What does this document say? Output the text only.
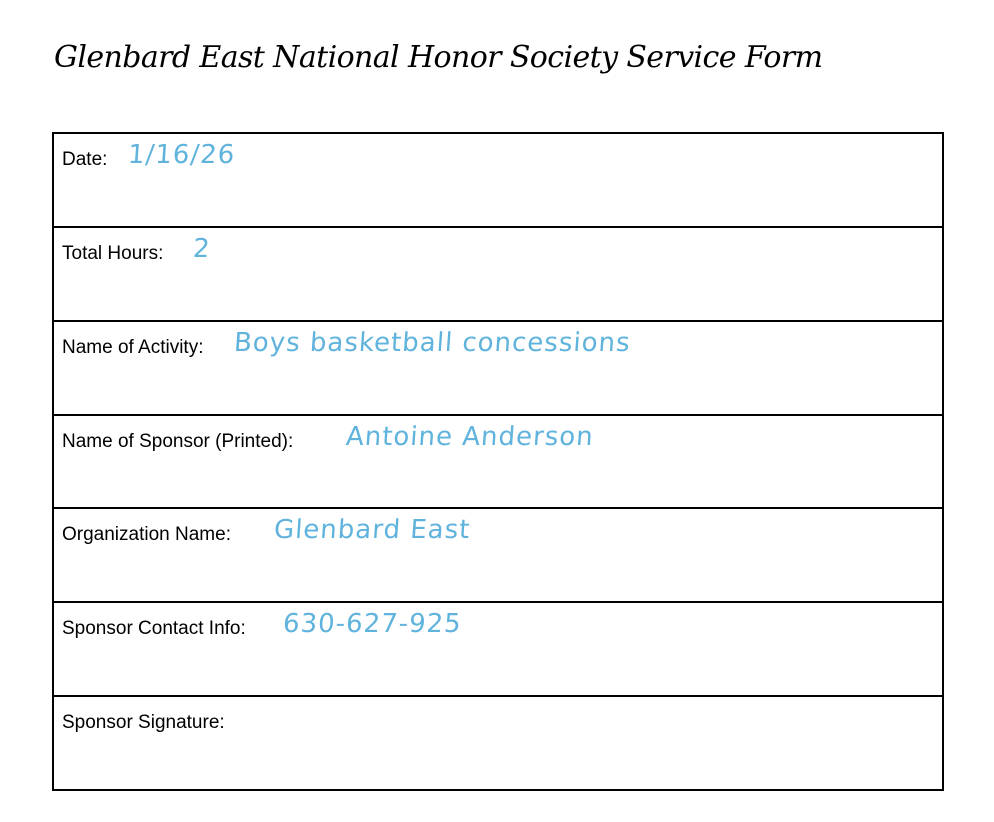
Glenbard East National Honor Society Service Form
Date: 1/16/26
Total Hours: 2
Name of Activity: Boys basketball concessions
Name of Sponsor (Printed): Antoine Anderson
Organization Name: Glenbard East
Sponsor Contact Info: 630-627-925
Sponsor Signature:
